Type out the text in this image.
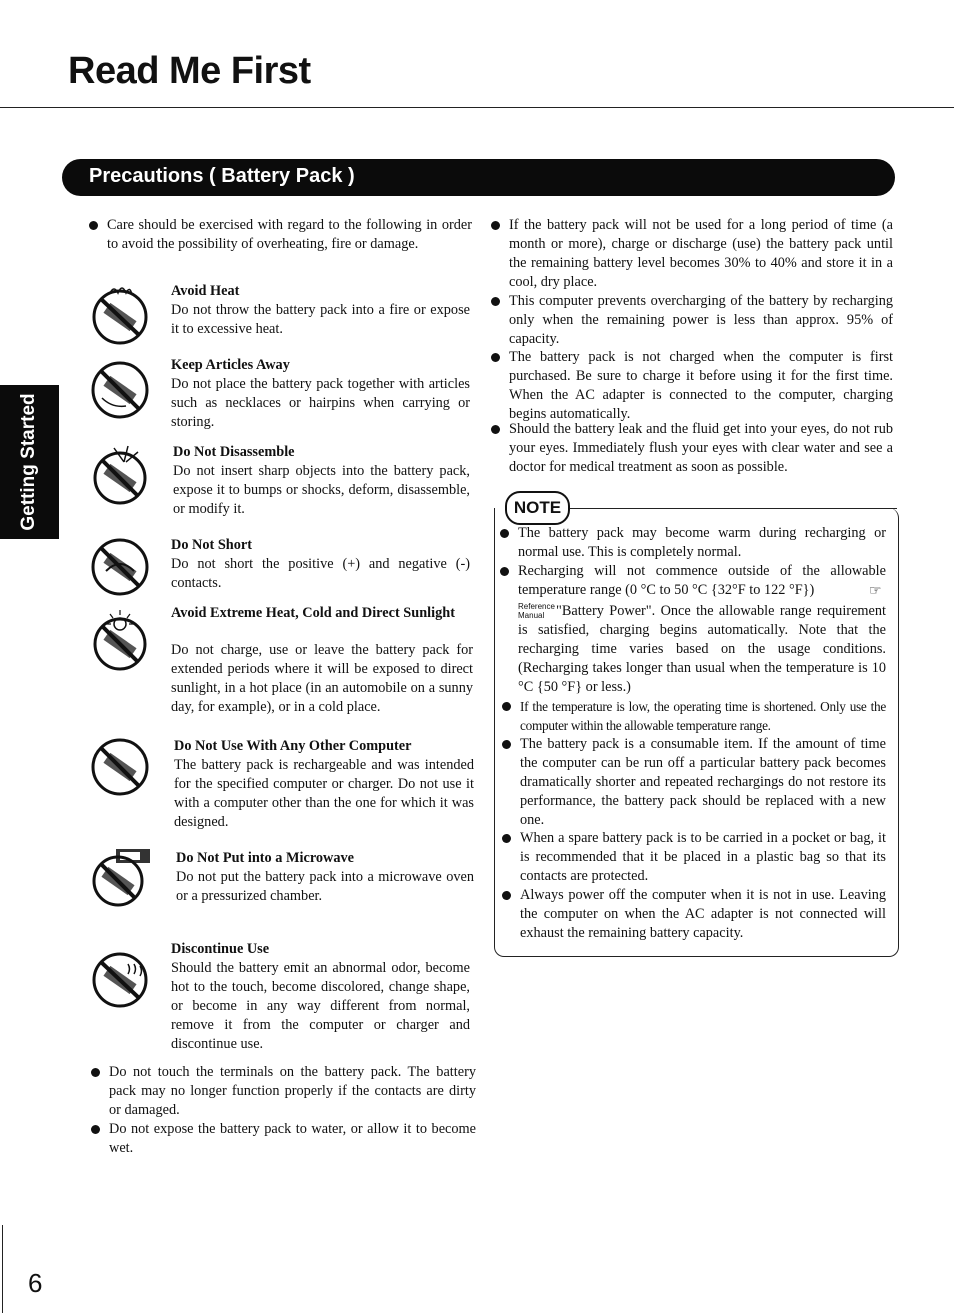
Read Me First
Precautions ( Battery Pack )
Getting Started
Care should be exercised with regard to the following in order to avoid the possibility of overheating, fire or damage.
Avoid Heat
Do not throw the battery pack into a fire or expose it to excessive heat.
Keep Articles Away
Do not place the battery pack together with articles such as necklaces or hairpins when carrying or storing.
Do Not Disassemble
Do not insert sharp objects into the battery pack, expose it to bumps or shocks, deform, disassemble, or modify it.
Do Not Short
Do not short the positive (+) and negative (-) contacts.
Avoid Extreme Heat, Cold and Direct Sunlight
Do not charge, use or leave the battery pack for extended periods where it will be exposed to direct sunlight, in a hot place (in an automobile on a sunny day, for example), or in a cold place.
Do Not Use With Any Other Computer
The battery pack is rechargeable and was intended for the specified computer or charger. Do not use it with a computer other than the one for which it was designed.
Do Not Put into a Microwave
Do not put the battery pack into a microwave oven or a pressurized chamber.
Discontinue Use
Should the battery emit an abnormal odor, become hot to the touch, become discolored, change shape, or become in any way different from normal, remove it from the computer or charger and discontinue use.
Do not touch the terminals on the battery pack. The battery pack may no longer function properly if the contacts are dirty or damaged.
Do not expose the battery pack to water, or allow it to become wet.
If the battery pack will not be used for a long period of time (a month or more), charge or discharge (use) the battery pack until the remaining battery level becomes 30% to 40% and store it in a cool, dry place.
This computer prevents overcharging of the battery by recharging only when the remaining power is less than approx. 95% of capacity.
The battery pack is not charged when the computer is first purchased. Be sure to charge it before using it for the first time. When the AC adapter is connected to the computer, charging begins automatically.
Should the battery leak and the fluid get into your eyes, do not rub your eyes. Immediately flush your eyes with clear water and see a doctor for medical treatment as soon as possible.
NOTE
The battery pack may become warm during recharging or normal use. This is completely normal.
Recharging will not commence outside of the allowable temperature range (0 °C to 50 °C {32°F to 122 °F})
"Battery Power". Once the allowable range requirement is satisfied, charging begins automatically. Note that the recharging time varies based on the usage conditions. (Recharging takes longer than usual when the temperature is 10 °C {50 °F} or less.)
Reference
Manual
☞
If the temperature is low, the operating time is shortened. Only use the computer within the allowable temperature range.
The battery pack is a consumable item. If the amount of time the computer can be run off a particular battery pack becomes dramatically shorter and repeated rechargings do not restore its performance, the battery pack should be replaced with a new one.
When a spare battery pack is to be carried in a pocket or bag, it is recommended that it be placed in a plastic bag so that its contacts are protected.
Always power off the computer when it is not in use. Leaving the computer on when the AC adapter is not connected will exhaust the remaining battery capacity.
6
